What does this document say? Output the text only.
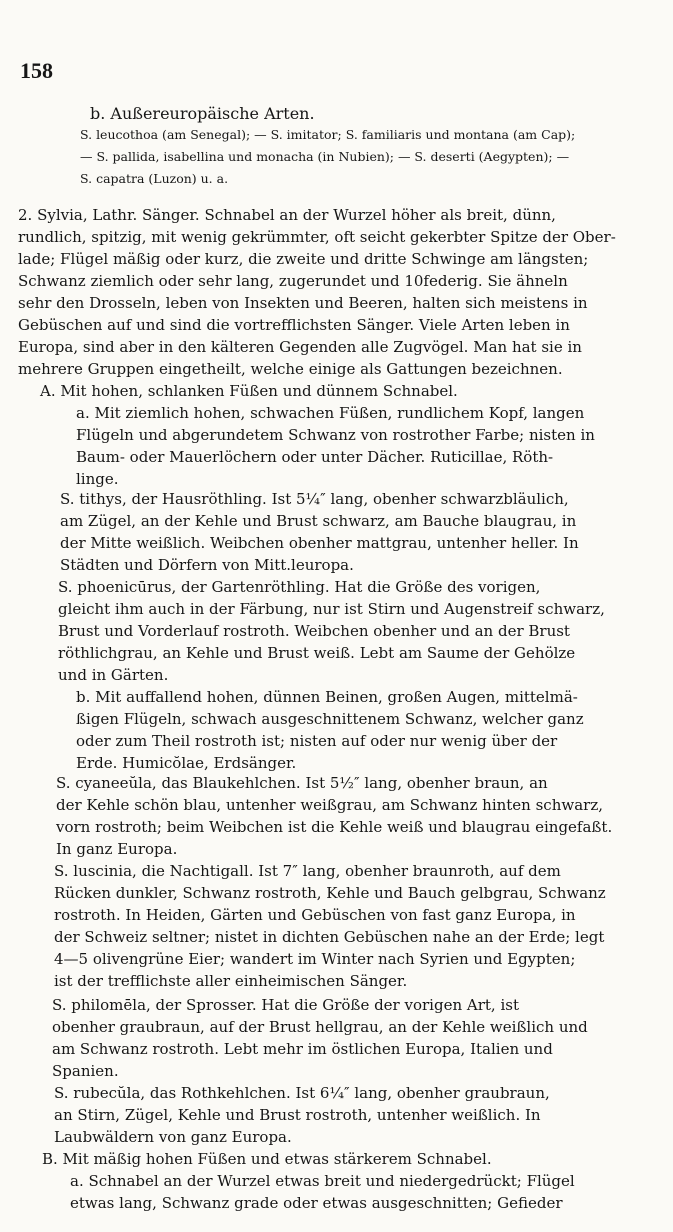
158
b. Außereuropäische Arten.

S. leucothoa (am Senegal); — S. imitator; S. familiaris und montana (am Cap);

— S. pallida, isabellina und monacha (in Nubien); — S. deserti (Aegypten); —

S. capatra (Luzon) u. a.

2. Sylvia, Lathr. Sänger. Schnabel an der Wurzel höher als breit, dünn,

rundlich, spitzig, mit wenig gekrümmter, oft seicht gekerbter Spitze der Ober-

lade; Flügel mäßig oder kurz, die zweite und dritte Schwinge am längsten;

Schwanz ziemlich oder sehr lang, zugerundet und 10federig. Sie ähneln

sehr den Drosseln, leben von Insekten und Beeren, halten sich meistens in

Gebüschen auf und sind die vortrefflichsten Sänger. Viele Arten leben in

Europa, sind aber in den kälteren Gegenden alle Zugvögel. Man hat sie in

mehrere Gruppen eingetheilt, welche einige als Gattungen bezeichnen.

A. Mit hohen, schlanken Füßen und dünnem Schnabel.

a. Mit ziemlich hohen, schwachen Füßen, rundlichem Kopf, langen

Flügeln und abgerundetem Schwanz von rostrother Farbe; nisten in

Baum- oder Mauerlöchern oder unter Dächer. Ruticillae, Röth-

linge.

S. tithys, der Hausröthling. Ist 5¼″ lang, obenher schwarzbläulich,

am Zügel, an der Kehle und Brust schwarz, am Bauche blaugrau, in

der Mitte weißlich. Weibchen obenher mattgrau, untenher heller. In

Städten und Dörfern von Mitt.leuropa.

S. phoenicūrus, der Gartenröthling. Hat die Größe des vorigen,

gleicht ihm auch in der Färbung, nur ist Stirn und Augenstreif schwarz,

Brust und Vorderlauf rostroth. Weibchen obenher und an der Brust

röthlichgrau, an Kehle und Brust weiß. Lebt am Saume der Gehölze

und in Gärten.

b. Mit auffallend hohen, dünnen Beinen, großen Augen, mittelmä-

ßigen Flügeln, schwach ausgeschnittenem Schwanz, welcher ganz

oder zum Theil rostroth ist; nisten auf oder nur wenig über der

Erde. Humicŏlae, Erdsänger.

S. cyaneeŭla, das Blaukehlchen. Ist 5½″ lang, obenher braun, an

der Kehle schön blau, untenher weißgrau, am Schwanz hinten schwarz,

vorn rostroth; beim Weibchen ist die Kehle weiß und blaugrau eingefaßt.

In ganz Europa.

S. luscinia, die Nachtigall. Ist 7″ lang, obenher braunroth, auf dem

Rücken dunkler, Schwanz rostroth, Kehle und Bauch gelbgrau, Schwanz

rostroth. In Heiden, Gärten und Gebüschen von fast ganz Europa, in

der Schweiz seltner; nistet in dichten Gebüschen nahe an der Erde; legt

4—5 olivengrüne Eier; wandert im Winter nach Syrien und Egypten;

ist der trefflichste aller einheimischen Sänger.

S. philomēla, der Sprosser. Hat die Größe der vorigen Art, ist

obenher graubraun, auf der Brust hellgrau, an der Kehle weißlich und

am Schwanz rostroth. Lebt mehr im östlichen Europa, Italien und

Spanien.

S. rubecŭla, das Rothkehlchen. Ist 6¼″ lang, obenher graubraun,

an Stirn, Zügel, Kehle und Brust rostroth, untenher weißlich. In

Laubwäldern von ganz Europa.

B. Mit mäßig hohen Füßen und etwas stärkerem Schnabel.

a. Schnabel an der Wurzel etwas breit und niedergedrückt; Flügel

etwas lang, Schwanz grade oder etwas ausgeschnitten; Gefieder
